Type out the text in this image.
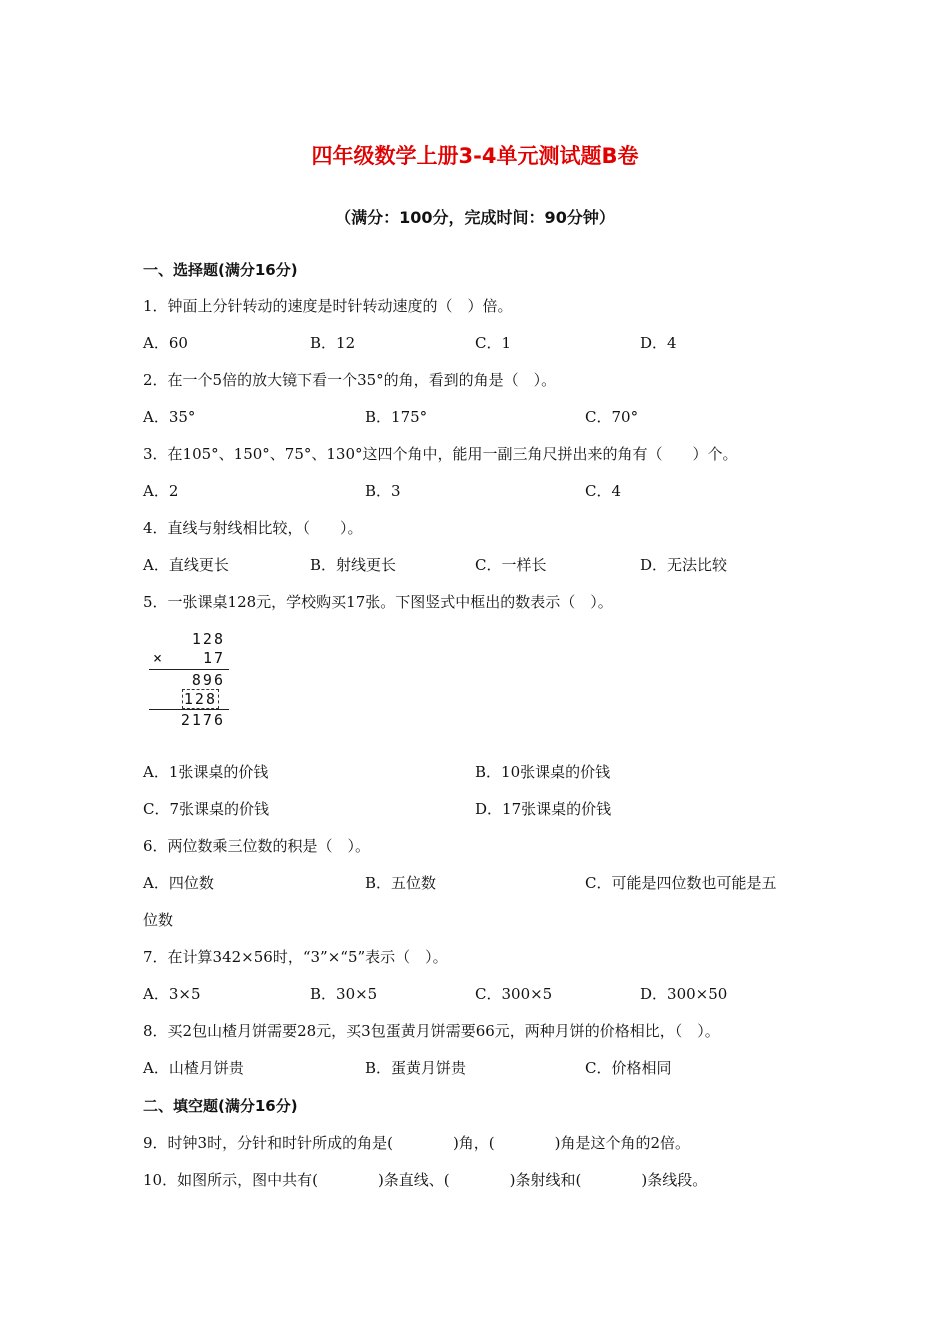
四年级数学上册3-4单元测试题B卷
（满分：100分，完成时间：90分钟）
一、选择题(满分16分)
1．钟面上分针转动的速度是时针转动速度的（　）倍。
A．60	B．12	C．1	D．4
2．在一个5倍的放大镜下看一个35°的角，看到的角是（　）。
A．35°	B．175°	C．70°
3．在105°、150°、75°、130°这四个角中，能用一副三角尺拼出来的角有（　　）个。
A．2	B．3	C．4
4．直线与射线相比较，（　　）。
A．直线更长	B．射线更长	C．一样长	D．无法比较
5．一张课桌128元，学校购买17张。下图竖式中框出的数表示（　）。
128
×	17
896
128
2176
A．1张课桌的价钱	B．10张课桌的价钱
C．7张课桌的价钱	D．17张课桌的价钱
6．两位数乘三位数的积是（　）。
A．四位数	B．五位数	C．可能是四位数也可能是五
位数
7．在计算342×56时，“3”×“5”表示（　）。
A．3×5	B．30×5	C．300×5	D．300×50
8．买2包山楂月饼需要28元，买3包蛋黄月饼需要66元，两种月饼的价格相比，（　）。
A．山楂月饼贵	B．蛋黄月饼贵	C．价格相同
二、填空题(满分16分)
9．时钟3时，分针和时针所成的角是(　　　　)角，(　　　　)角是这个角的2倍。
10．如图所示，图中共有(　　　　)条直线、(　　　　)条射线和(　　　　)条线段。
